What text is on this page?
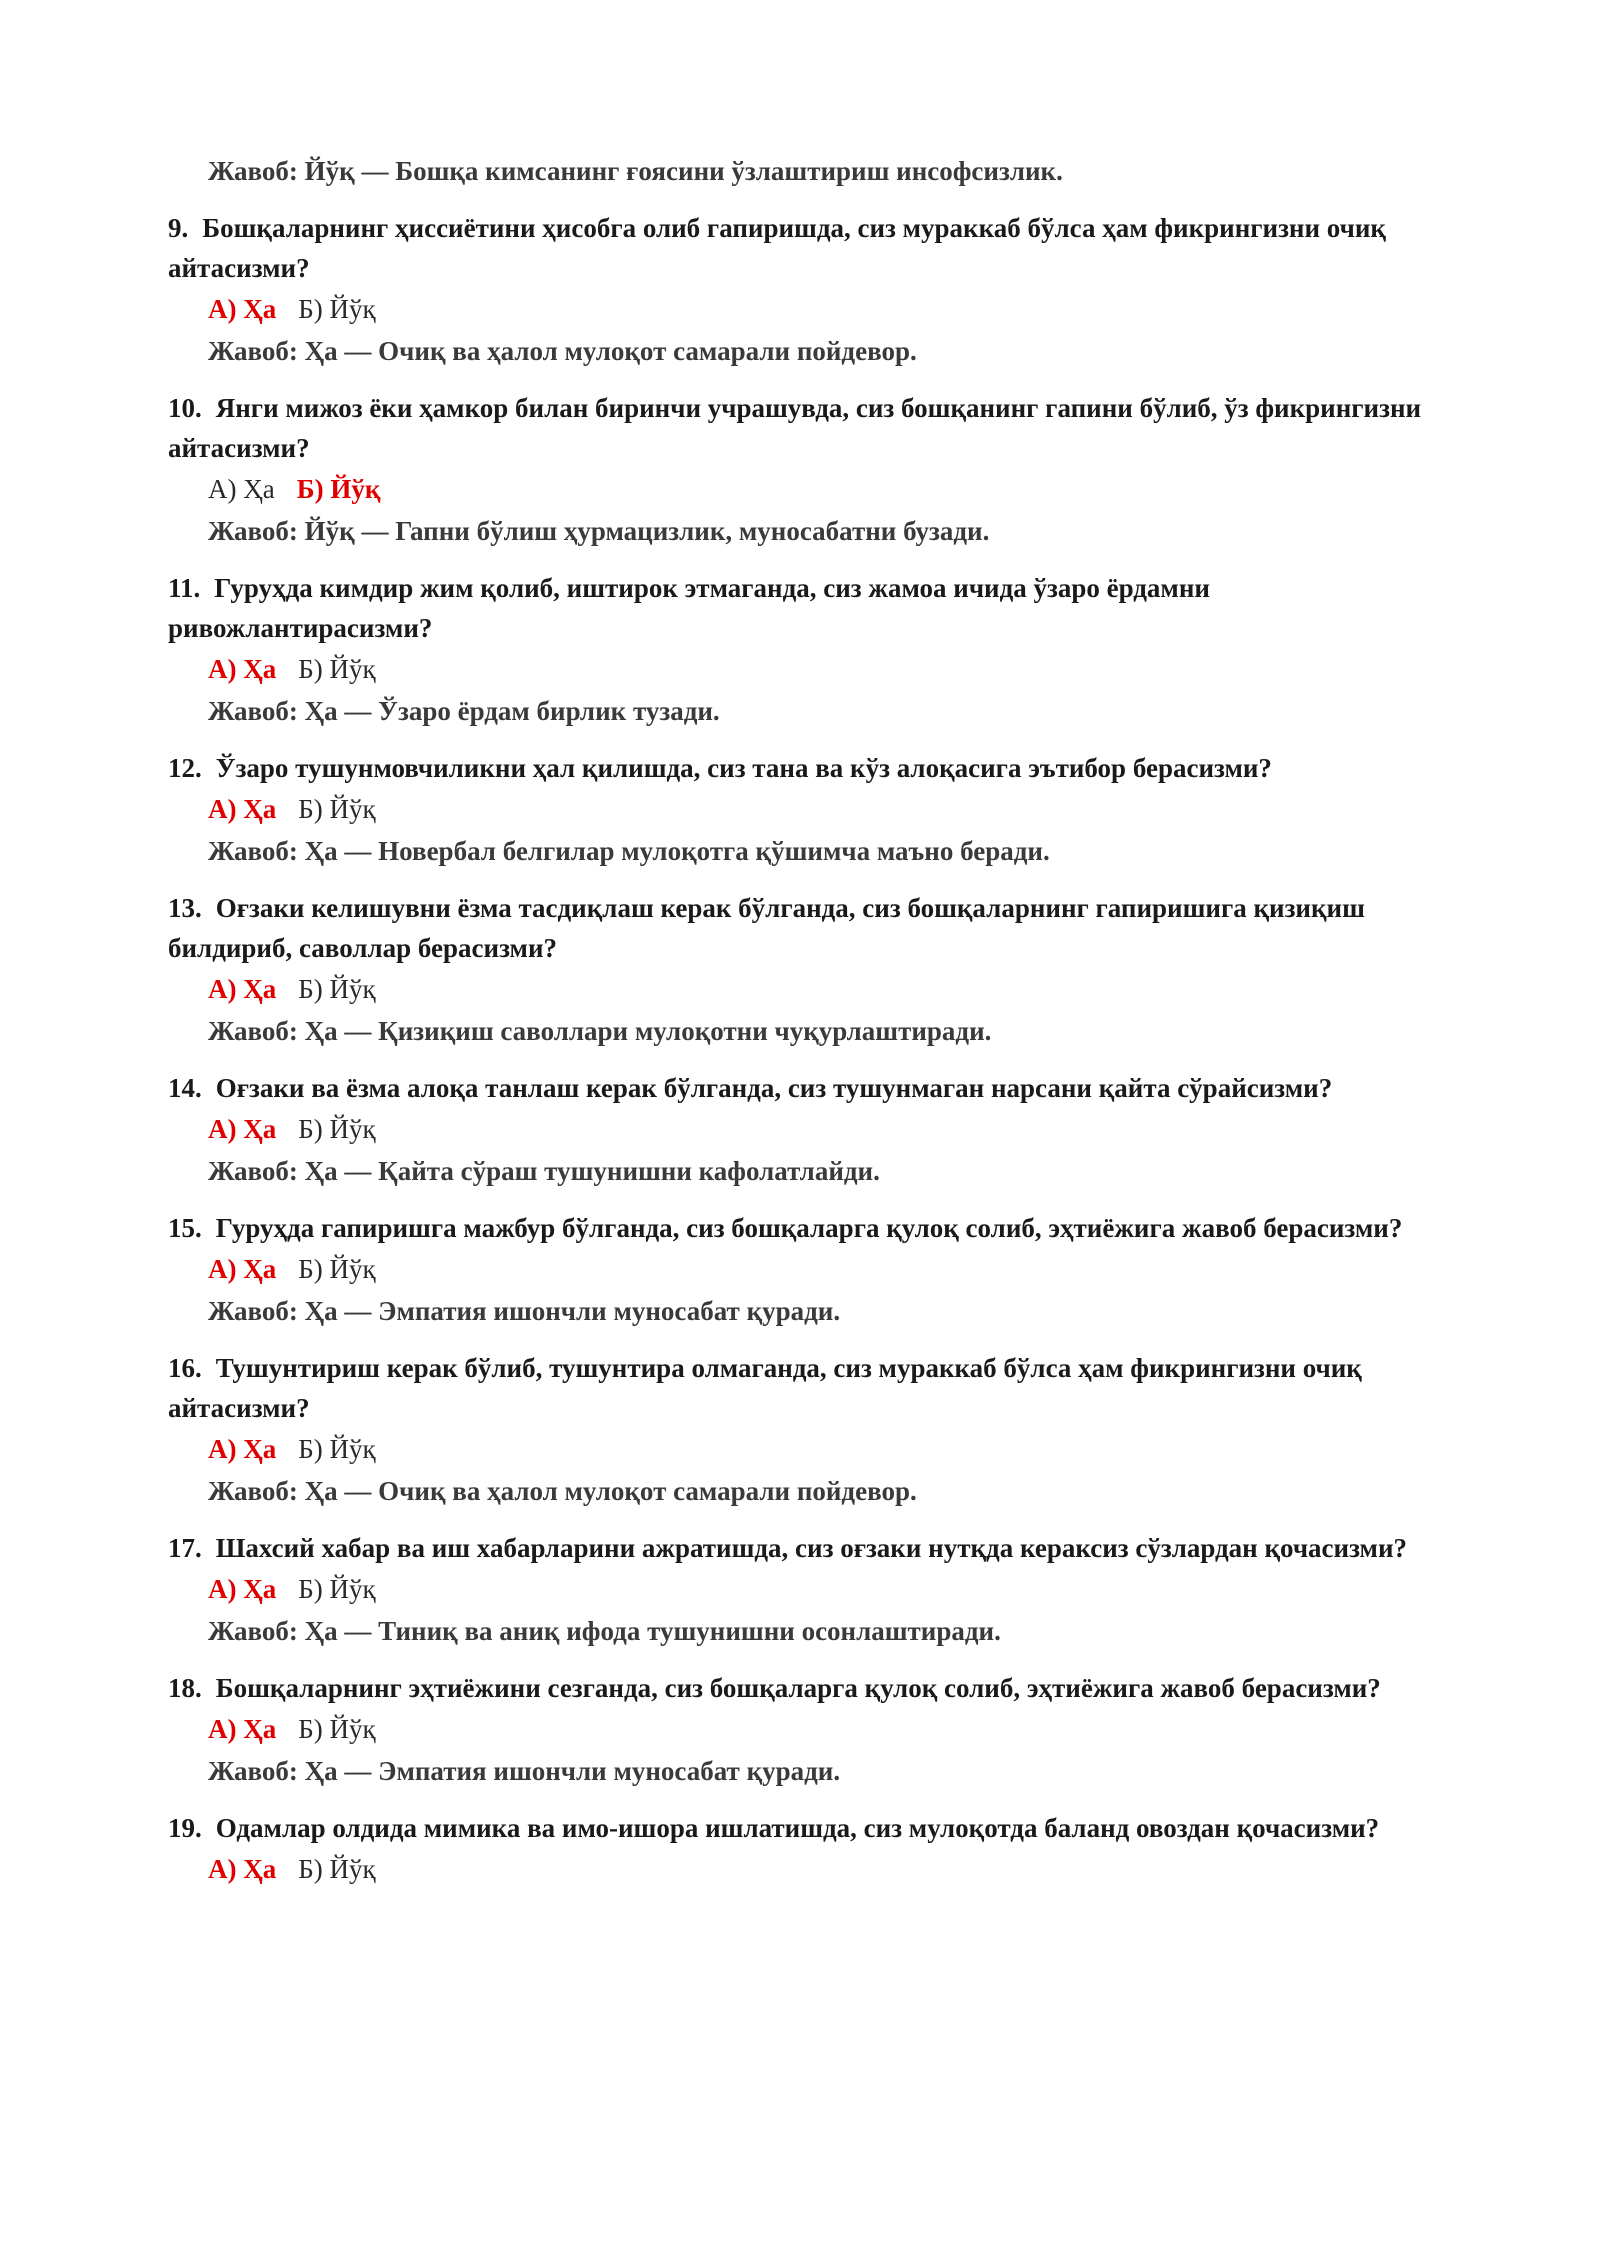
Жавоб: Йўқ — Бошқа кимсанинг ғоясини ўзлаштириш инсофсизлик.

9. Бошқаларнинг ҳиссиётини ҳисобга олиб гапиришда, сиз мураккаб бўлса ҳам фикрингизни очиқ айтасизми?

А) Ҳа Б) Йўқ
Жавоб: Ҳа — Очиқ ва ҳалол мулоқот самарали пойдевор.

10. Янги мижоз ёки ҳамкор билан биринчи учрашувда, сиз бошқанинг гапини бўлиб, ўз фикрингизни айтасизми?

А) Ҳа Б) Йўқ
Жавоб: Йўқ — Гапни бўлиш ҳурмацизлик, муносабатни бузади.

11. Гуруҳда кимдир жим қолиб, иштирок этмаганда, сиз жамоа ичида ўзаро ёрдамни ривожлантирасизми?

А) Ҳа Б) Йўқ
Жавоб: Ҳа — Ўзаро ёрдам бирлик тузади.

12. Ўзаро тушунмовчиликни ҳал қилишда, сиз тана ва кўз алоқасига эътибор берасизми?

А) Ҳа Б) Йўқ
Жавоб: Ҳа — Новербал белгилар мулоқотга қўшимча маъно беради.

13. Оғзаки келишувни ёзма тасдиқлаш керак бўлганда, сиз бошқаларнинг гапиришига қизиқиш билдириб, саволлар берасизми?

А) Ҳа Б) Йўқ
Жавоб: Ҳа — Қизиқиш саволлари мулоқотни чуқурлаштиради.

14. Оғзаки ва ёзма алоқа танлаш керак бўлганда, сиз тушунмаган нарсани қайта сўрайсизми?

А) Ҳа Б) Йўқ
Жавоб: Ҳа — Қайта сўраш тушунишни кафолатлайди.

15. Гуруҳда гапиришга мажбур бўлганда, сиз бошқаларга қулоқ солиб, эҳтиёжига жавоб берасизми?

А) Ҳа Б) Йўқ
Жавоб: Ҳа — Эмпатия ишончли муносабат қуради.

16. Тушунтириш керак бўлиб, тушунтира олмаганда, сиз мураккаб бўлса ҳам фикрингизни очиқ айтасизми?

А) Ҳа Б) Йўқ
Жавоб: Ҳа — Очиқ ва ҳалол мулоқот самарали пойдевор.

17. Шахсий хабар ва иш хабарларини ажратишда, сиз оғзаки нутқда кераксиз сўзлардан қочасизми?

А) Ҳа Б) Йўқ
Жавоб: Ҳа — Тиниқ ва аниқ ифода тушунишни осонлаштиради.

18. Бошқаларнинг эҳтиёжини сезганда, сиз бошқаларга қулоқ солиб, эҳтиёжига жавоб берасизми?

А) Ҳа Б) Йўқ
Жавоб: Ҳа — Эмпатия ишончли муносабат қуради.

19. Одамлар олдида мимика ва имо-ишора ишлатишда, сиз мулоқотда баланд овоздан қочасизми?

А) Ҳа Б) Йўқ
